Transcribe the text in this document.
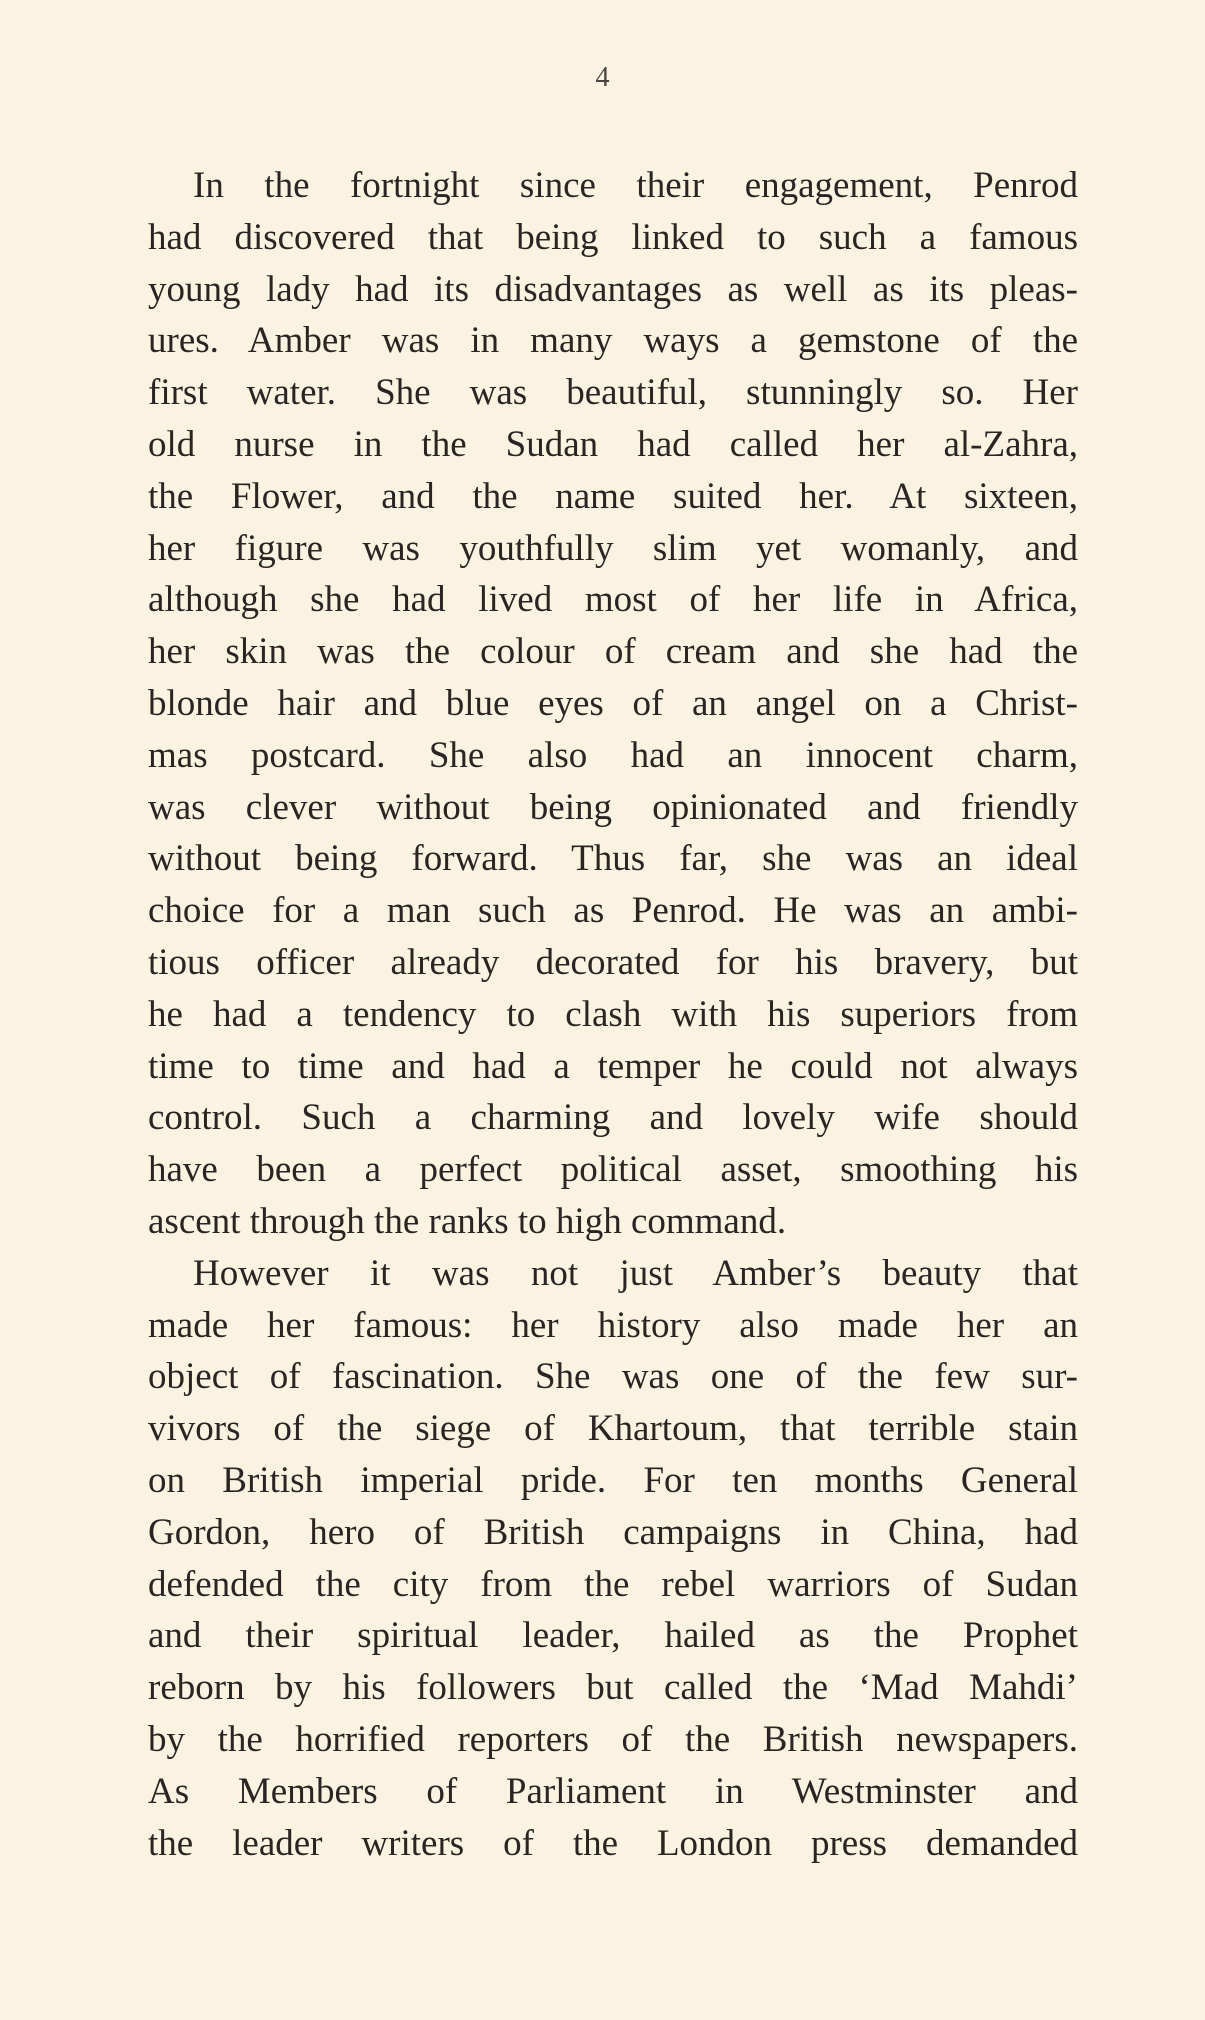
4
In the fortnight since their engagement, Penrod
had discovered that being linked to such a famous
young lady had its disadvantages as well as its pleas-
ures. Amber was in many ways a gemstone of the
first water. She was beautiful, stunningly so. Her
old nurse in the Sudan had called her al-Zahra,
the Flower, and the name suited her. At sixteen,
her figure was youthfully slim yet womanly, and
although she had lived most of her life in Africa,
her skin was the colour of cream and she had the
blonde hair and blue eyes of an angel on a Christ-
mas postcard. She also had an innocent charm,
was clever without being opinionated and friendly
without being forward. Thus far, she was an ideal
choice for a man such as Penrod. He was an ambi-
tious officer already decorated for his bravery, but
he had a tendency to clash with his superiors from
time to time and had a temper he could not always
control. Such a charming and lovely wife should
have been a perfect political asset, smoothing his
ascent through the ranks to high command.
However it was not just Amber’s beauty that
made her famous: her history also made her an
object of fascination. She was one of the few sur-
vivors of the siege of Khartoum, that terrible stain
on British imperial pride. For ten months General
Gordon, hero of British campaigns in China, had
defended the city from the rebel warriors of Sudan
and their spiritual leader, hailed as the Prophet
reborn by his followers but called the ‘Mad Mahdi’
by the horrified reporters of the British newspapers.
As Members of Parliament in Westminster and
the leader writers of the London press demanded
